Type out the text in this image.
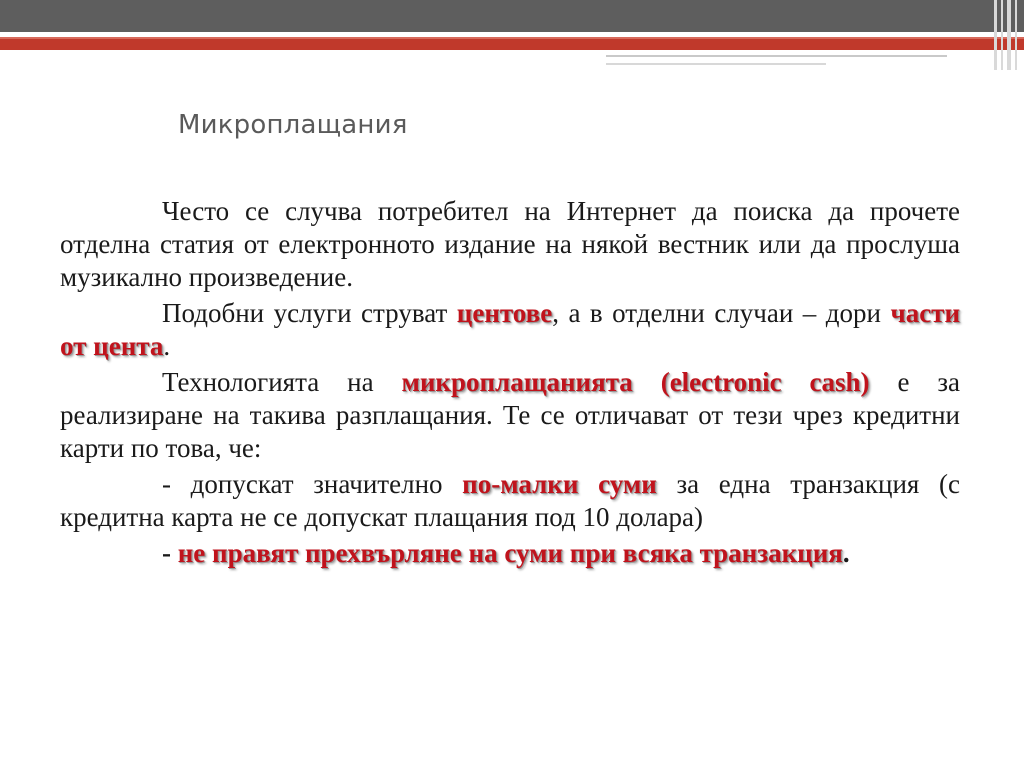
Микроплащания

Често се случва потребител на Интернет да поиска да прочете отделна статия от електронното издание на някой вестник или да прослуша музикално произведение.

Подобни услуги струват центове, а в отделни случаи – дори части от цента.

Технологията на микроплащанията (electronic cash) е за реализиране на такива разплащания. Те се отличават от тези чрез кредитни карти по това, че:

- допускат значително по-малки суми за една транзакция (с кредитна карта не се допускат плащания под 10 долара)

- не правят прехвърляне на суми при всяка транзакция.
